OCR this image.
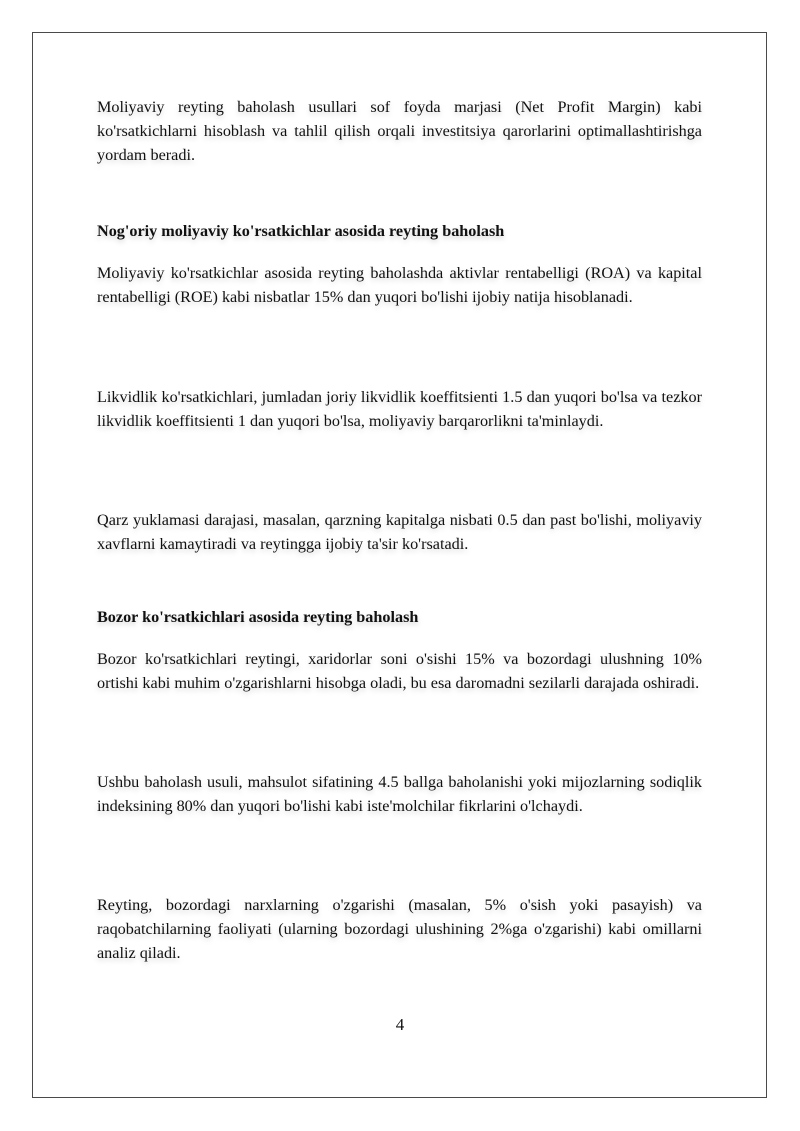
Moliyaviy reyting baholash usullari sof foyda marjasi (Net Profit Margin) kabi ko'rsatkichlarni hisoblash va tahlil qilish orqali investitsiya qarorlarini optimallashtirishga yordam beradi.

Nog'oriy moliyaviy ko'rsatkichlar asosida reyting baholash

Moliyaviy ko'rsatkichlar asosida reyting baholashda aktivlar rentabelligi (ROA) va kapital rentabelligi (ROE) kabi nisbatlar 15% dan yuqori bo'lishi ijobiy natija hisoblanadi.

Likvidlik ko'rsatkichlari, jumladan joriy likvidlik koeffitsienti 1.5 dan yuqori bo'lsa va tezkor likvidlik koeffitsienti 1 dan yuqori bo'lsa, moliyaviy barqarorlikni ta'minlaydi.

Qarz yuklamasi darajasi, masalan, qarzning kapitalga nisbati 0.5 dan past bo'lishi, moliyaviy xavflarni kamaytiradi va reytingga ijobiy ta'sir ko'rsatadi.

Bozor ko'rsatkichlari asosida reyting baholash

Bozor ko'rsatkichlari reytingi, xaridorlar soni o'sishi 15% va bozordagi ulushning 10% ortishi kabi muhim o'zgarishlarni hisobga oladi, bu esa daromadni sezilarli darajada oshiradi.

Ushbu baholash usuli, mahsulot sifatining 4.5 ballga baholanishi yoki mijozlarning sodiqlik indeksining 80% dan yuqori bo'lishi kabi iste'molchilar fikrlarini o'lchaydi.

Reyting, bozordagi narxlarning o'zgarishi (masalan, 5% o'sish yoki pasayish) va raqobatchilarning faoliyati (ularning bozordagi ulushining 2%ga o'zgarishi) kabi omillarni analiz qiladi.

4
